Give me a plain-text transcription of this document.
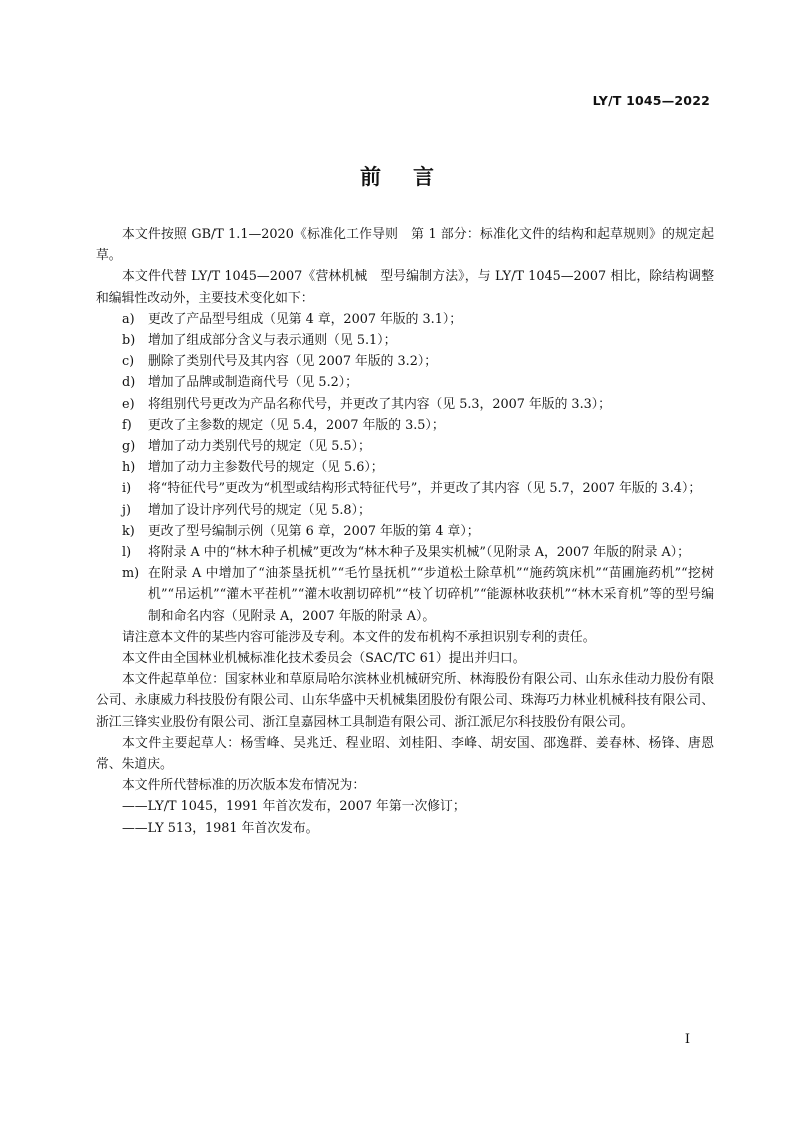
LY/T 1045—2022
前言

本文件按照 GB/T 1.1—2020《标准化工作导则　第 1 部分：标准化文件的结构和起草规则》的规定起草。

本文件代替 LY/T 1045—2007《营林机械　型号编制方法》，与 LY/T 1045—2007 相比，除结构调整和编辑性改动外，主要技术变化如下：

a)	更改了产品型号组成（见第 4 章，2007 年版的 3.1）；
b)	增加了组成部分含义与表示通则（见 5.1）；
c)	删除了类别代号及其内容（见 2007 年版的 3.2）；
d)	增加了品牌或制造商代号（见 5.2）；
e)	将组别代号更改为产品名称代号，并更改了其内容（见 5.3，2007 年版的 3.3）；
f)	更改了主参数的规定（见 5.4，2007 年版的 3.5）；
g)	增加了动力类别代号的规定（见 5.5）；
h) 增加了动力主参数代号的规定（见 5.6）；
i)	将“特征代号”更改为“机型或结构形式特征代号”，并更改了其内容（见 5.7，2007 年版的 3.4）；
j)	增加了设计序列代号的规定（见 5.8）；
k)	更改了型号编制示例（见第 6 章，2007 年版的第 4 章）；
l)	将附录 A 中的“林木种子机械”更改为“林木种子及果实机械”（见附录 A，2007 年版的附录 A）；
m) 在附录 A 中增加了“油茶垦抚机”“毛竹垦抚机”“步道松土除草机”“施药筑床机”“苗圃施药机”“挖树机”“吊运机”“灌木平茬机”“灌木收割切碎机”“枝丫切碎机”“能源林收获机”“林木采育机”等的型号编制和命名内容（见附录 A，2007 年版的附录 A）。

请注意本文件的某些内容可能涉及专利。本文件的发布机构不承担识别专利的责任。

本文件由全国林业机械标准化技术委员会（SAC/TC 61）提出并归口。

本文件起草单位：国家林业和草原局哈尔滨林业机械研究所、林海股份有限公司、山东永佳动力股份有限公司、永康威力科技股份有限公司、山东华盛中天机械集团股份有限公司、珠海巧力林业机械科技有限公司、浙江三锋实业股份有限公司、浙江皇嘉园林工具制造有限公司、浙江派尼尔科技股份有限公司。

本文件主要起草人：杨雪峰、吴兆迁、程业昭、刘桂阳、李峰、胡安国、邵逸群、姜春林、杨锋、唐恩常、朱道庆。

本文件所代替标准的历次版本发布情况为：

——LY/T 1045，1991 年首次发布，2007 年第一次修订；

——LY 513，1981 年首次发布。

I
